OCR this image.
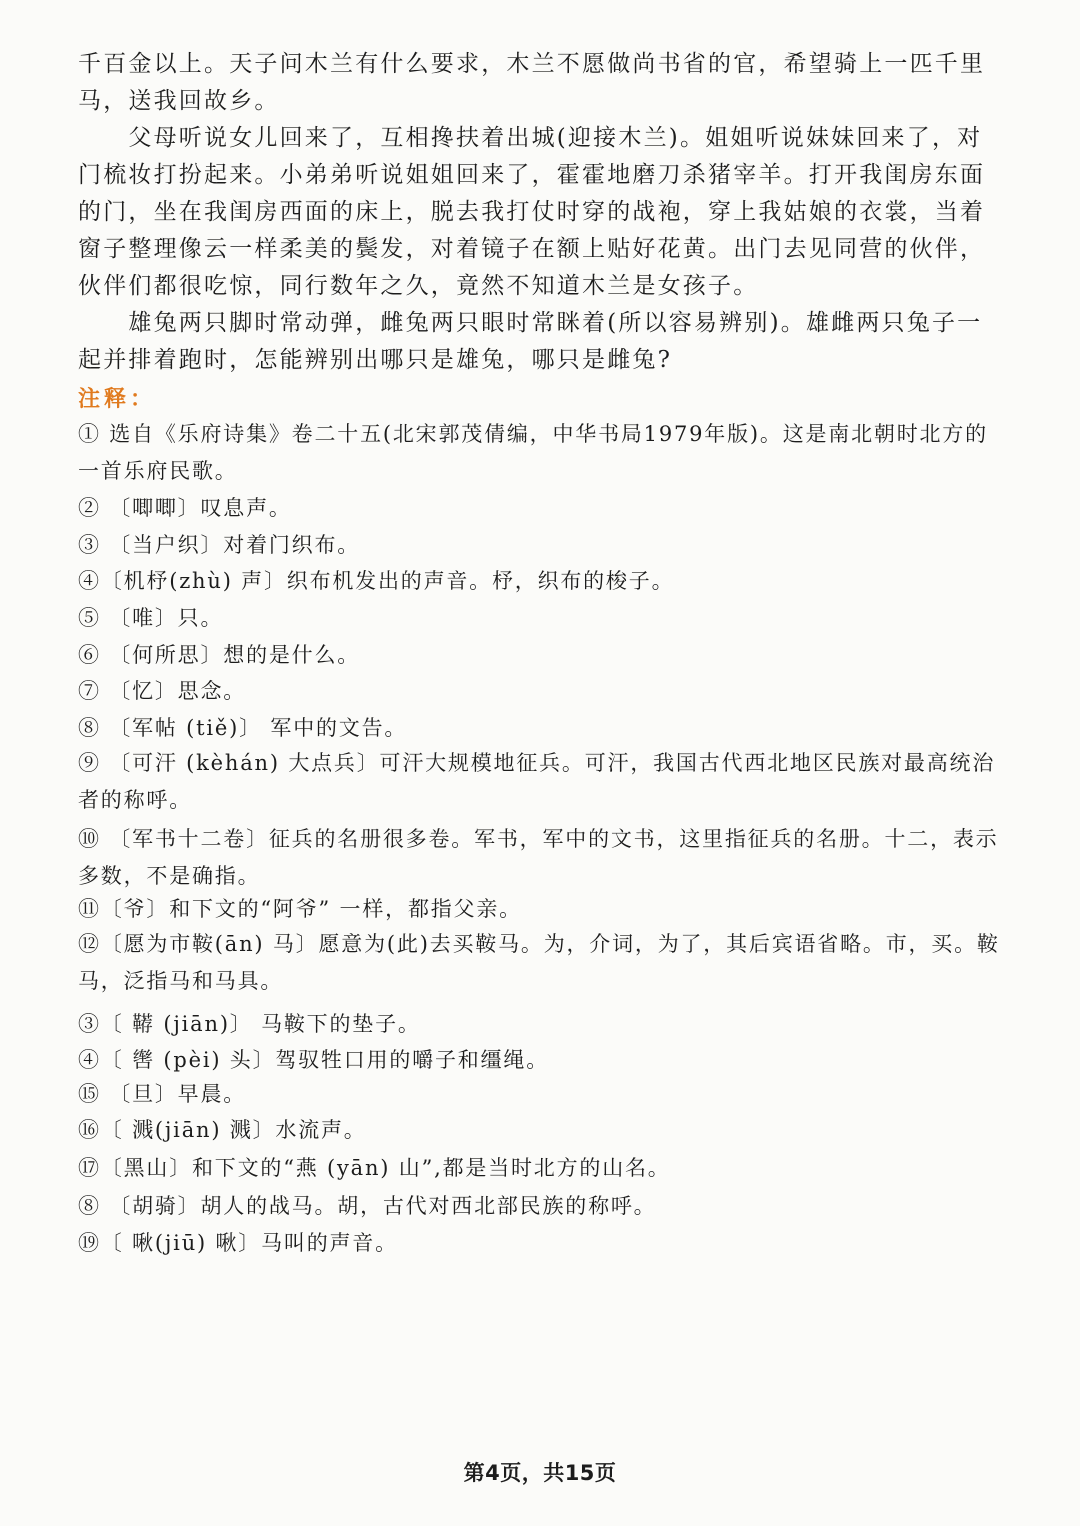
千百金以上。天子问木兰有什么要求，木兰不愿做尚书省的官，希望骑上一匹千里马，送我回故乡。

　　父母听说女儿回来了，互相搀扶着出城(迎接木兰)。姐姐听说妹妹回来了，对门梳妆打扮起来。小弟弟听说姐姐回来了，霍霍地磨刀杀猪宰羊。打开我闺房东面的门，坐在我闺房西面的床上，脱去我打仗时穿的战袍，穿上我姑娘的衣裳，当着窗子整理像云一样柔美的鬓发，对着镜子在额上贴好花黄。出门去见同营的伙伴，伙伴们都很吃惊，同行数年之久，竟然不知道木兰是女孩子。

　　雄兔两只脚时常动弹，雌兔两只眼时常眯着(所以容易辨别)。雄雌两只兔子一起并排着跑时，怎能辨别出哪只是雄兔，哪只是雌兔?

注释：

① 选自《乐府诗集》卷二十五(北宋郭茂倩编，中华书局1979年版)。这是南北朝时北方的一首乐府民歌。

② 〔唧唧〕叹息声。

③ 〔当户织〕对着门织布。

④〔机杼(zhù) 声〕织布机发出的声音。杼，织布的梭子。

⑤ 〔唯〕只。

⑥ 〔何所思〕想的是什么。

⑦ 〔忆〕思念。

⑧ 〔军帖 (tiě)〕 军中的文告。

⑨ 〔可汗 (kèhán) 大点兵〕可汗大规模地征兵。可汗，我国古代西北地区民族对最高统治者的称呼。

⑩ 〔军书十二卷〕征兵的名册很多卷。军书，军中的文书，这里指征兵的名册。十二，表示多数，不是确指。

⑪〔爷〕和下文的“阿爷” 一样，都指父亲。

⑫〔愿为市鞍(ān) 马〕愿意为(此)去买鞍马。为，介词，为了，其后宾语省略。市，买。鞍马，泛指马和马具。

③〔 鞯 (jiān)〕 马鞍下的垫子。

④〔 辔 (pèi) 头〕驾驭牲口用的嚼子和缰绳。

⑮ 〔旦〕早晨。

⑯〔 溅(jiān) 溅〕水流声。

⑰〔黑山〕和下文的“燕 (yān) 山”,都是当时北方的山名。

⑧ 〔胡骑〕胡人的战马。胡，古代对西北部民族的称呼。

⑲〔 啾(jiū) 啾〕马叫的声音。

第4页，共15页
